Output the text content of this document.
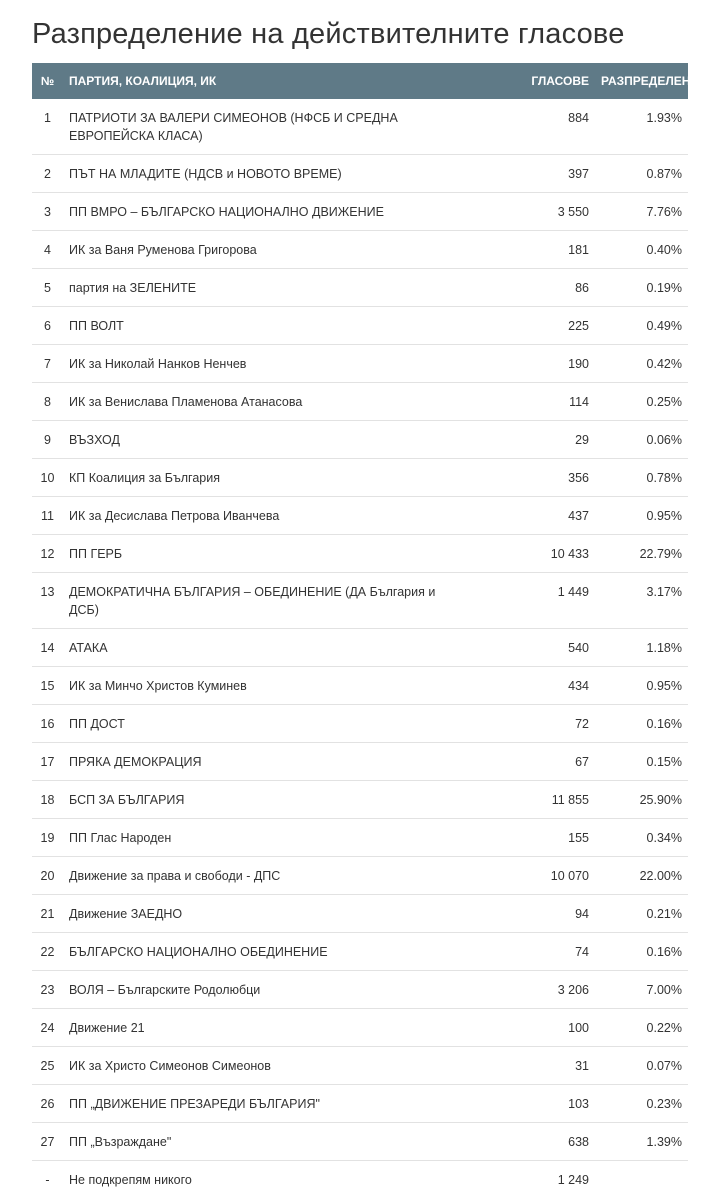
Разпределение на действителните гласове
№	ПАРТИЯ, КОАЛИЦИЯ, ИК	ГЛАСОВЕ	РАЗПРЕДЕЛЕНИЕ
1	ПАТРИОТИ ЗА ВАЛЕРИ СИМЕОНОВ (НФСБ И СРЕДНА ЕВРОПЕЙСКА КЛАСА)	884	1.93%
2	ПЪТ НА МЛАДИТЕ (НДСВ и НОВОТО ВРЕМЕ)	397	0.87%
3	ПП ВМРО – БЪЛГАРСКО НАЦИОНАЛНО ДВИЖЕНИЕ	3 550	7.76%
4	ИК за Ваня Руменова Григорова	181	0.40%
5	партия на ЗЕЛЕНИТЕ	86	0.19%
6	ПП ВОЛТ	225	0.49%
7	ИК за Николай Нанков Ненчев	190	0.42%
8	ИК за Венислава Пламенова Атанасова	114	0.25%
9	ВЪЗХОД	29	0.06%
10	КП Коалиция за България	356	0.78%
11	ИК за Десислава Петрова Иванчева	437	0.95%
12	ПП ГЕРБ	10 433	22.79%
13	ДЕМОКРАТИЧНА БЪЛГАРИЯ – ОБЕДИНЕНИЕ (ДА България и ДСБ)	1 449	3.17%
14	АТАКА	540	1.18%
15	ИК за Минчо Христов Куминев	434	0.95%
16	ПП ДОСТ	72	0.16%
17	ПРЯКА ДЕМОКРАЦИЯ	67	0.15%
18	БСП ЗА БЪЛГАРИЯ	11 855	25.90%
19	ПП Глас Народен	155	0.34%
20	Движение за права и свободи - ДПС	10 070	22.00%
21	Движение ЗАЕДНО	94	0.21%
22	БЪЛГАРСКО НАЦИОНАЛНО ОБЕДИНЕНИЕ	74	0.16%
23	ВОЛЯ – Българските Родолюбци	3 206	7.00%
24	Движение 21	100	0.22%
25	ИК за Христо Симеонов Симеонов	31	0.07%
26	ПП „ДВИЖЕНИЕ ПРЕЗАРЕДИ БЪЛГАРИЯ"	103	0.23%
27	ПП „Възраждане"	638	1.39%
-	Не подкрепям никого	1 249	
